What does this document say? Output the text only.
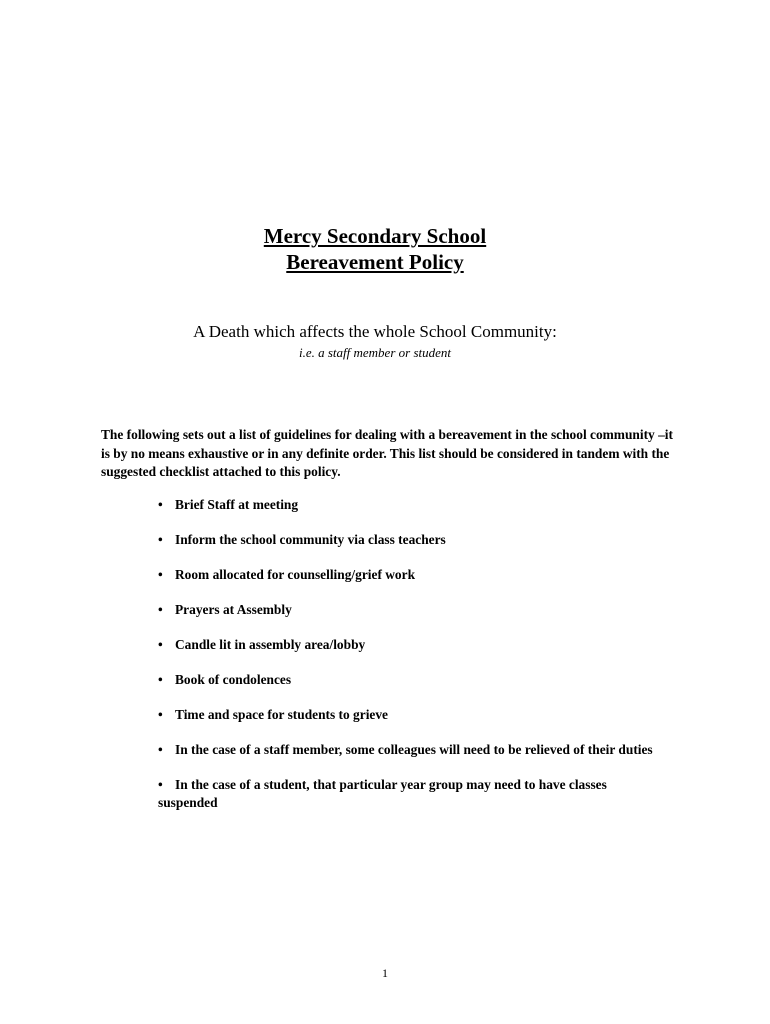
Mercy Secondary School
Bereavement Policy
A Death which affects the whole School Community:
i.e. a staff member or student
The following sets out a list of guidelines for dealing with a bereavement in the school community –it is by no means exhaustive or in any definite order. This list should be considered in tandem with the suggested checklist attached to this policy.
• Brief Staff at meeting
• Inform the school community via class teachers
• Room allocated for counselling/grief work
• Prayers at Assembly
• Candle lit in assembly area/lobby
• Book of condolences
• Time and space for students to grieve
• In the case of a staff member, some colleagues will need to be relieved of their duties
• In the case of a student, that particular year group may need to have classes suspended
1
